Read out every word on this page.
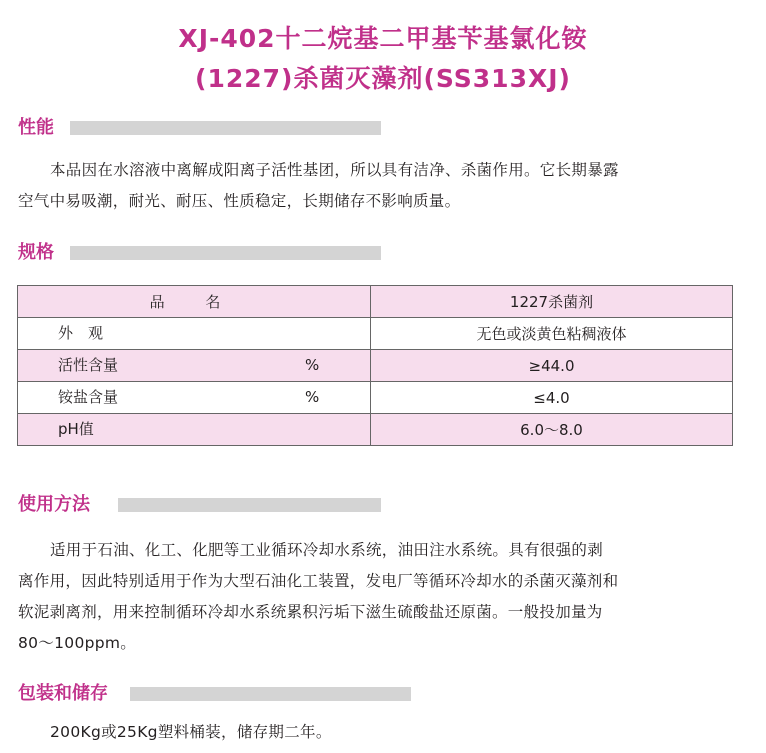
XJ-402十二烷基二甲基苄基氯化铵
(1227)杀菌灭藻剂(SS313XJ)
性能

本品因在水溶液中离解成阳离子活性基团，所以具有洁净、杀菌作用。它长期暴露

空气中易吸潮，耐光、耐压、性质稳定，长期储存不影响质量。

规格
品 名	1227杀菌剂

外　观	无色或淡黄色粘稠液体

活性含量 %	≥44.0

铵盐含量 %	≤4.0

pH值	6.0～8.0
使用方法

适用于石油、化工、化肥等工业循环冷却水系统，油田注水系统。具有很强的剥

离作用，因此特别适用于作为大型石油化工装置，发电厂等循环冷却水的杀菌灭藻剂和

软泥剥离剂，用来控制循环冷却水系统累积污垢下滋生硫酸盐还原菌。一般投加量为

80～100ppm。

包装和储存

200Kg或25Kg塑料桶装，储存期二年。
